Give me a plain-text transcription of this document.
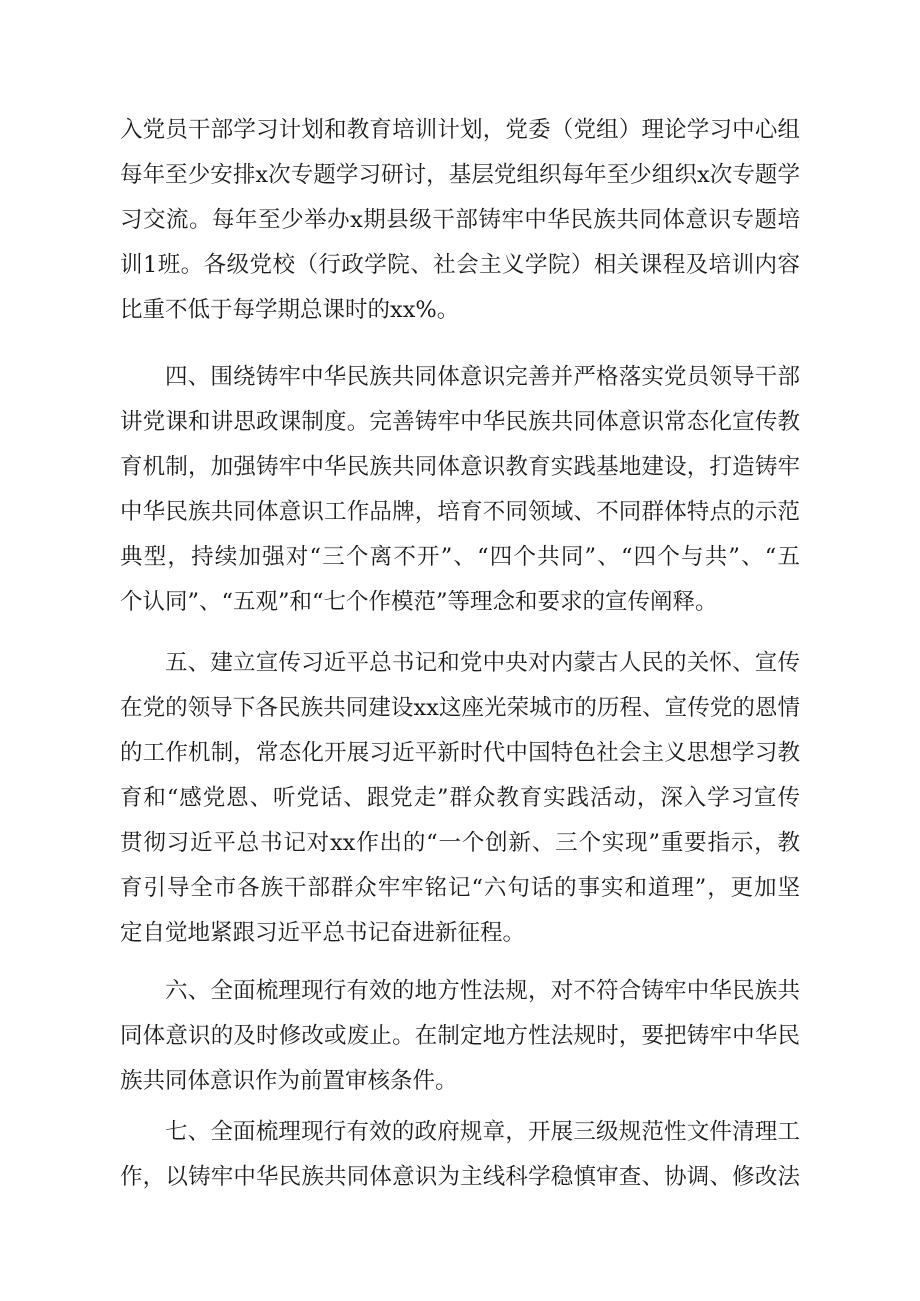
入党员干部学习计划和教育培训计划，党委（党组）理论学习中心组
每年至少安排x次专题学习研讨，基层党组织每年至少组织x次专题学
习交流。每年至少举办x期县级干部铸牢中华民族共同体意识专题培
训1班。各级党校（行政学院、社会主义学院）相关课程及培训内容
比重不低于每学期总课时的xx%。
四、围绕铸牢中华民族共同体意识完善并严格落实党员领导干部
讲党课和讲思政课制度。完善铸牢中华民族共同体意识常态化宣传教
育机制，加强铸牢中华民族共同体意识教育实践基地建设，打造铸牢
中华民族共同体意识工作品牌，培育不同领域、不同群体特点的示范
典型，持续加强对“三个离不开”、“四个共同”、“四个与共”、“五
个认同”、“五观”和“七个作模范”等理念和要求的宣传阐释。
五、建立宣传习近平总书记和党中央对内蒙古人民的关怀、宣传
在党的领导下各民族共同建设xx这座光荣城市的历程、宣传党的恩情
的工作机制，常态化开展习近平新时代中国特色社会主义思想学习教
育和“感党恩、听党话、跟党走”群众教育实践活动，深入学习宣传
贯彻习近平总书记对xx作出的“一个创新、三个实现”重要指示，教
育引导全市各族干部群众牢牢铭记“六句话的事实和道理”，更加坚
定自觉地紧跟习近平总书记奋进新征程。
六、全面梳理现行有效的地方性法规，对不符合铸牢中华民族共
同体意识的及时修改或废止。在制定地方性法规时，要把铸牢中华民
族共同体意识作为前置审核条件。
七、全面梳理现行有效的政府规章，开展三级规范性文件清理工
作，以铸牢中华民族共同体意识为主线科学稳慎审查、协调、修改法
